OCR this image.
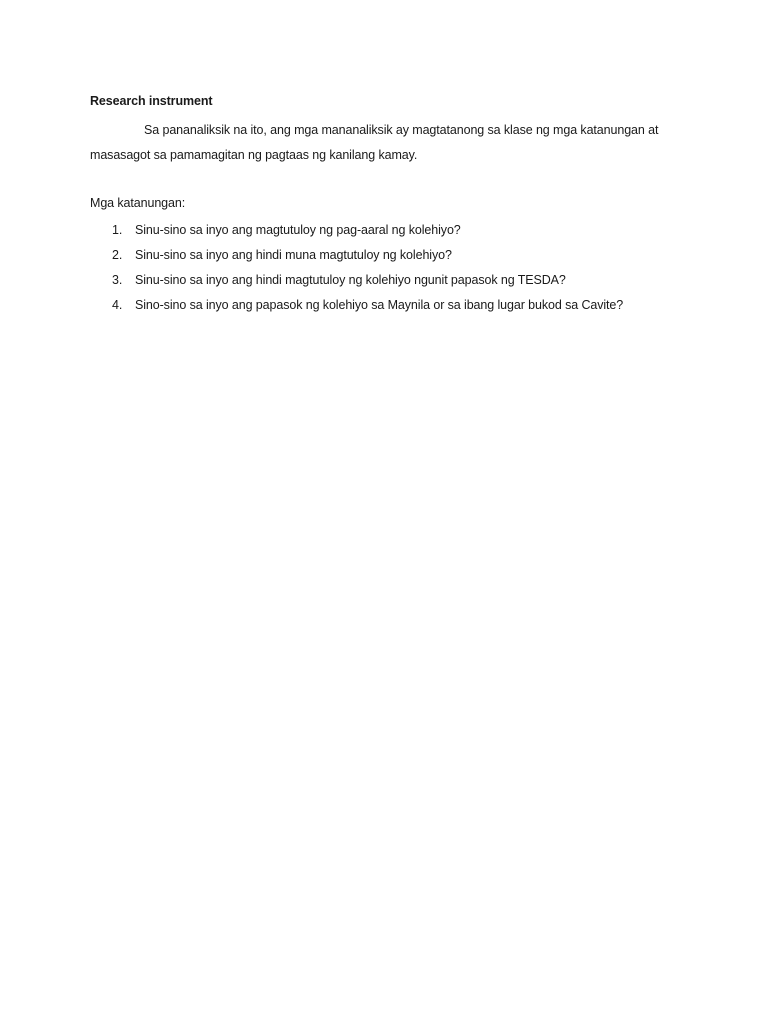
Research instrument

Sa pananaliksik na ito, ang mga mananaliksik ay magtatanong sa klase ng mga katanungan at masasagot sa pamamagitan ng pagtaas ng kanilang kamay.

Mga katanungan:

1. Sinu-sino sa inyo ang magtutuloy ng pag-aaral ng kolehiyo?
2. Sinu-sino sa inyo ang hindi muna magtutuloy ng kolehiyo?
3. Sinu-sino sa inyo ang hindi magtutuloy ng kolehiyo ngunit papasok ng TESDA?
4. Sino-sino sa inyo ang papasok ng kolehiyo sa Maynila or sa ibang lugar bukod sa Cavite?
